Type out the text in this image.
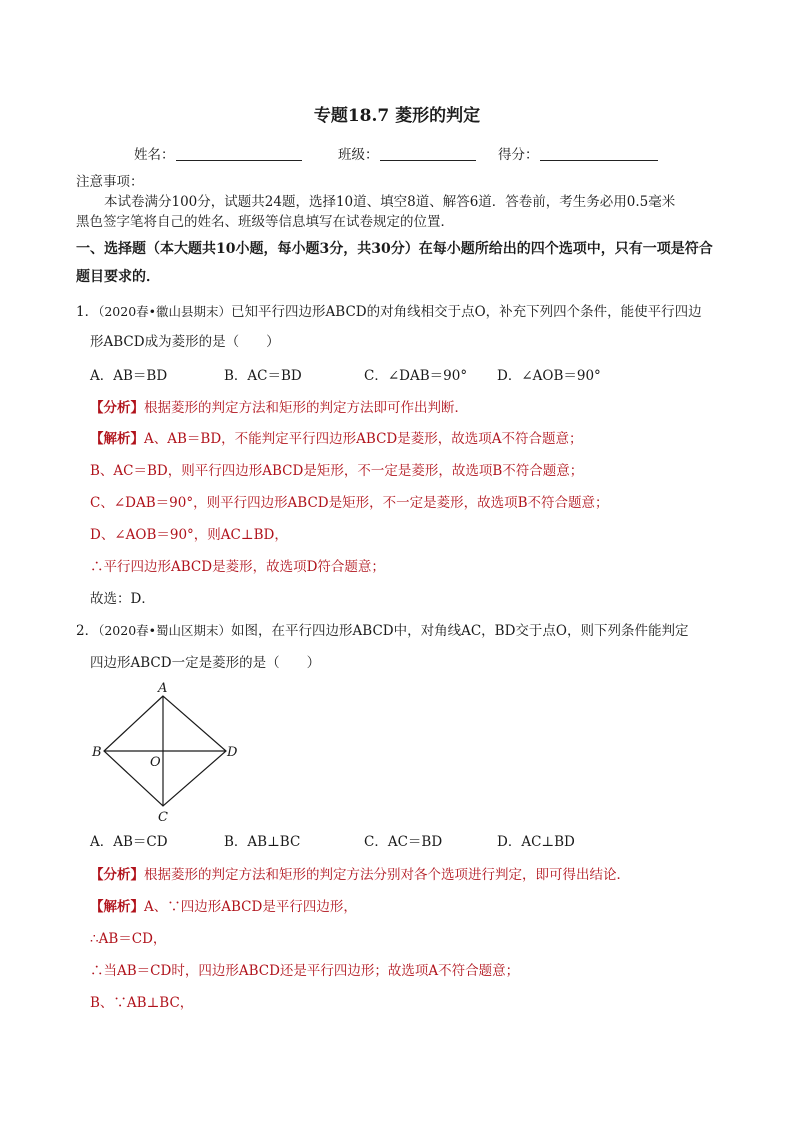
专题18.7 菱形的判定
姓名：	班级：	得分：
注意事项：
本试卷满分100分，试题共24题，选择10道、填空8道、解答6道．答卷前，考生务必用0.5毫米
黑色签字笔将自己的姓名、班级等信息填写在试卷规定的位置．
一、选择题（本大题共10小题，每小题3分，共30分）在每小题所给出的四个选项中，只有一项是符合
题目要求的．
1．（2020春•徽山县期末）已知平行四边形ABCD的对角线相交于点O，补充下列四个条件，能使平行四边
形ABCD成为菱形的是（　　）
A．AB＝BD	B．AC＝BD	C．∠DAB＝90° D．∠AOB＝90°
【分析】根据菱形的判定方法和矩形的判定方法即可作出判断．
【解析】A、AB＝BD，不能判定平行四边形ABCD是菱形，故选项A不符合题意；
B、AC＝BD，则平行四边形ABCD是矩形，不一定是菱形，故选项B不符合题意；
C、∠DAB＝90°，则平行四边形ABCD是矩形，不一定是菱形，故选项B不符合题意；
D、∠AOB＝90°，则AC⊥BD，
∴平行四边形ABCD是菱形，故选项D符合题意；
故选：D．
2．（2020春•蜀山区期末）如图，在平行四边形ABCD中，对角线AC，BD交于点O，则下列条件能判定
四边形ABCD一定是菱形的是（　　）
A
B
C
D
O
A．AB＝CD	B．AB⊥BC	C．AC＝BD	D．AC⊥BD
【分析】根据菱形的判定方法和矩形的判定方法分别对各个选项进行判定，即可得出结论．
【解析】A、∵四边形ABCD是平行四边形，
∴AB＝CD，
∴当AB＝CD时，四边形ABCD还是平行四边形；故选项A不符合题意；
B、∵AB⊥BC，
